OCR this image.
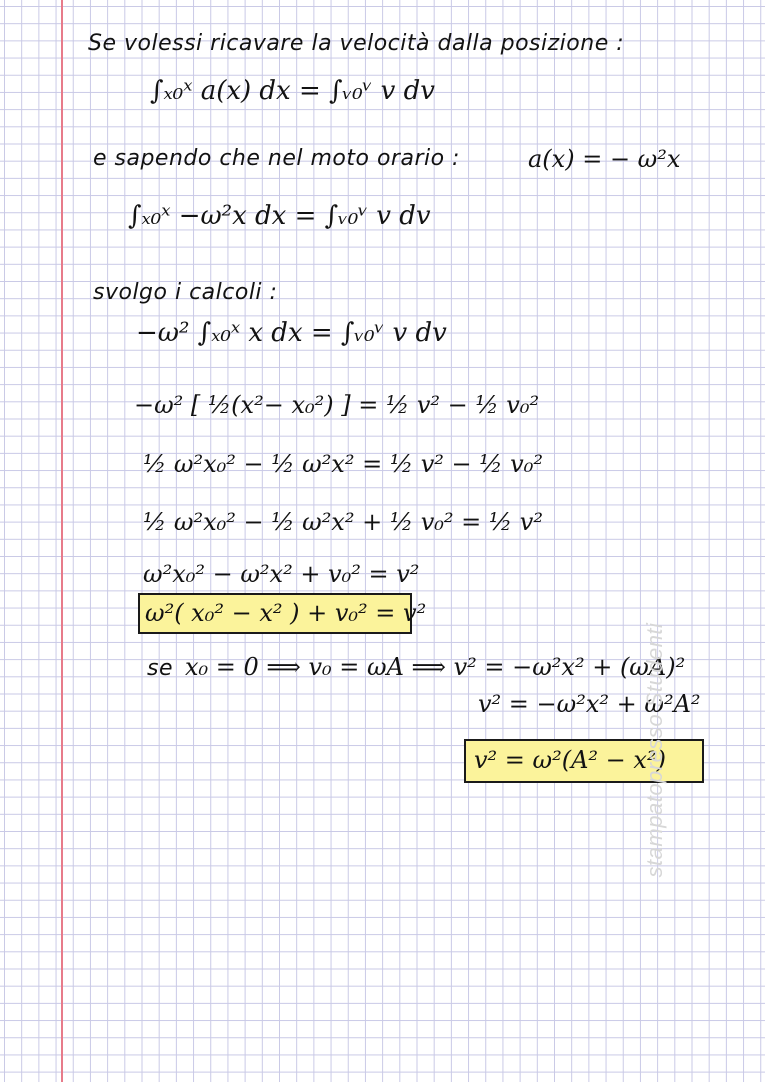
Se volessi ricavare la velocità dalla posizione :
∫ₓ₀ˣ a(x) dx = ∫ᵥ₀ᵛ v dv
e sapendo che nel moto orario :	a(x) = − ω²x
∫ₓ₀ˣ −ω²x dx = ∫ᵥ₀ᵛ v dv
svolgo i calcoli :
−ω² ∫ₓ₀ˣ x dx = ∫ᵥ₀ᵛ v dv
−ω² [ ½(x²− x₀²) ] = ½ v² − ½ v₀²
½ ω²x₀² − ½ ω²x² = ½ v² − ½ v₀²
½ ω²x₀² − ½ ω²x² + ½ v₀² = ½ v²
ω²x₀² − ω²x² + v₀² = v²
ω²( x₀² − x² ) + v₀² = v²
se x₀ = 0 ⟹ v₀ = ωA ⟹ v² = −ω²x² + (ωA)²
v² = −ω²x² + ω²A²
v² = ω²(A² − x²)
stampatopresso Studenti
